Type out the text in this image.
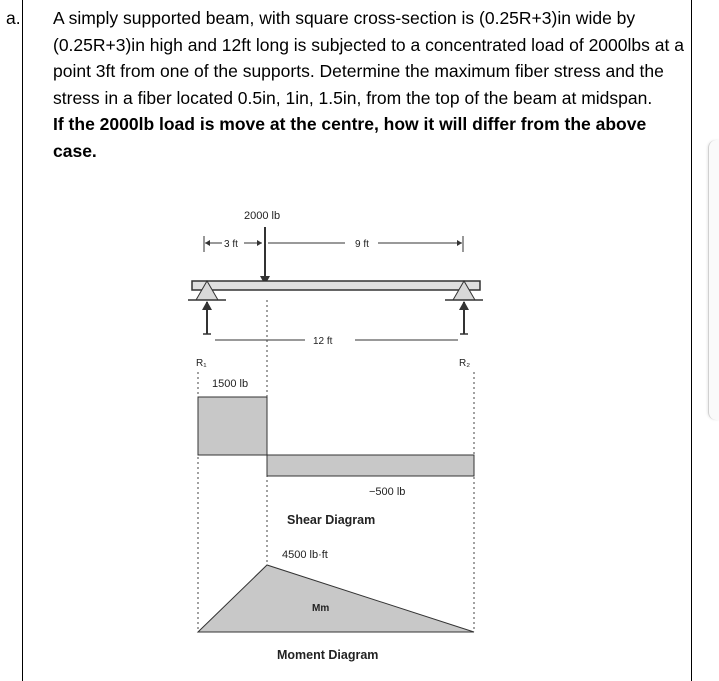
a. A simply supported beam, with square cross-section is (0.25R+3)in wide by (0.25R+3)in high and 12ft long is subjected to a concentrated load of 2000lbs at a point 3ft from one of the supports. Determine the maximum fiber stress and the stress in a fiber located 0.5in, 1in, 1.5in, from the top of the beam at midspan.

If the 2000lb load is move at the centre, how it will differ from the above case.

2000 lb
3 ft	9 ft
12 ft
R₁	R₂
1500 lb
−500 lb
Shear Diagram
4500 lb·ft
Mm
Moment Diagram
